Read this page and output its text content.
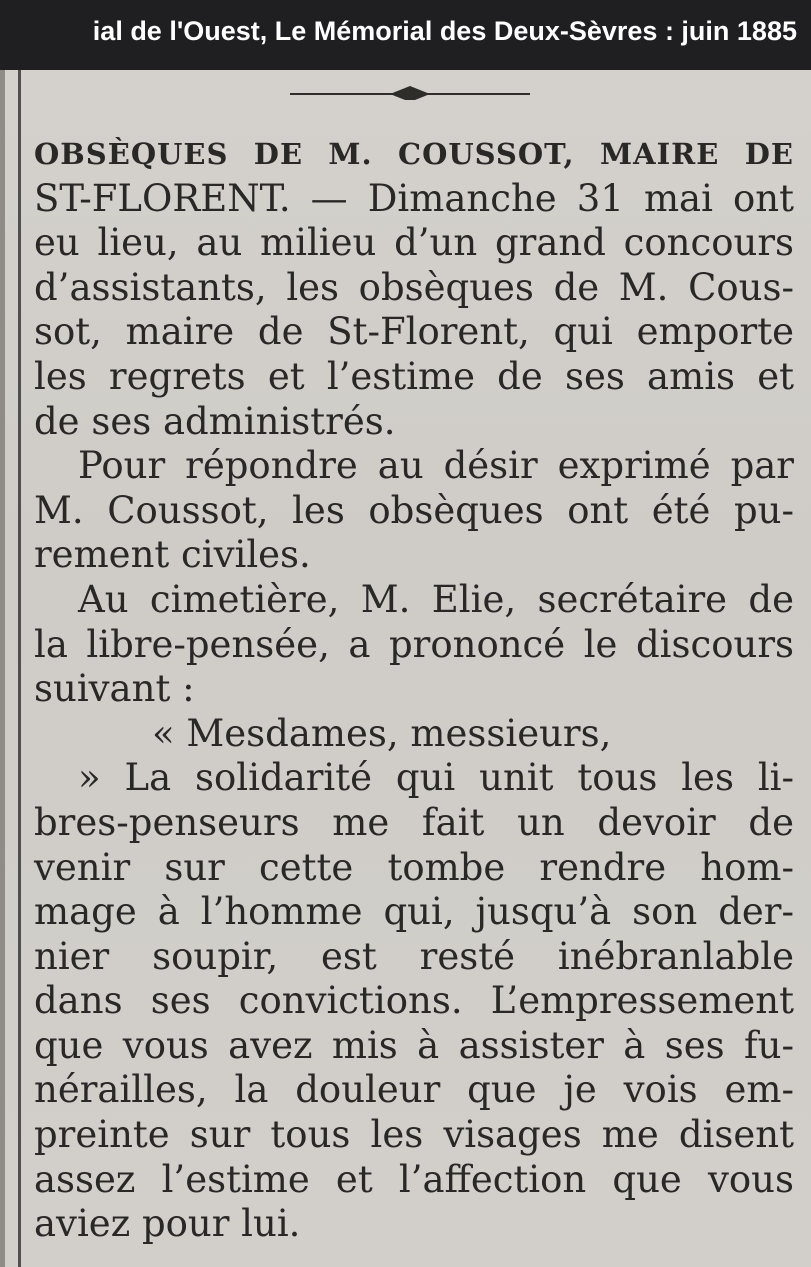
ial de l'Ouest, Le Mémorial des Deux-Sèvres : juin 1885
OBSÈQUES DE M. COUSSOT, MAIRE DE
ST-FLORENT. — Dimanche 31 mai ont
eu lieu, au milieu d’un grand concours
d’assistants, les obsèques de M. Cous-
sot, maire de St-Florent, qui emporte
les regrets et l’estime de ses amis et
de ses administrés.
Pour répondre au désir exprimé par
M. Coussot, les obsèques ont été pu-
rement civiles.
Au cimetière, M. Elie, secrétaire de
la libre-pensée, a prononcé le discours
suivant :
« Mesdames, messieurs,
» La solidarité qui unit tous les li-
bres-penseurs me fait un devoir de
venir sur cette tombe rendre hom-
mage à l’homme qui, jusqu’à son der-
nier soupir, est resté inébranlable
dans ses convictions. L’empressement
que vous avez mis à assister à ses fu-
nérailles, la douleur que je vois em-
preinte sur tous les visages me disent
assez l’estime et l’affection que vous
aviez pour lui.
